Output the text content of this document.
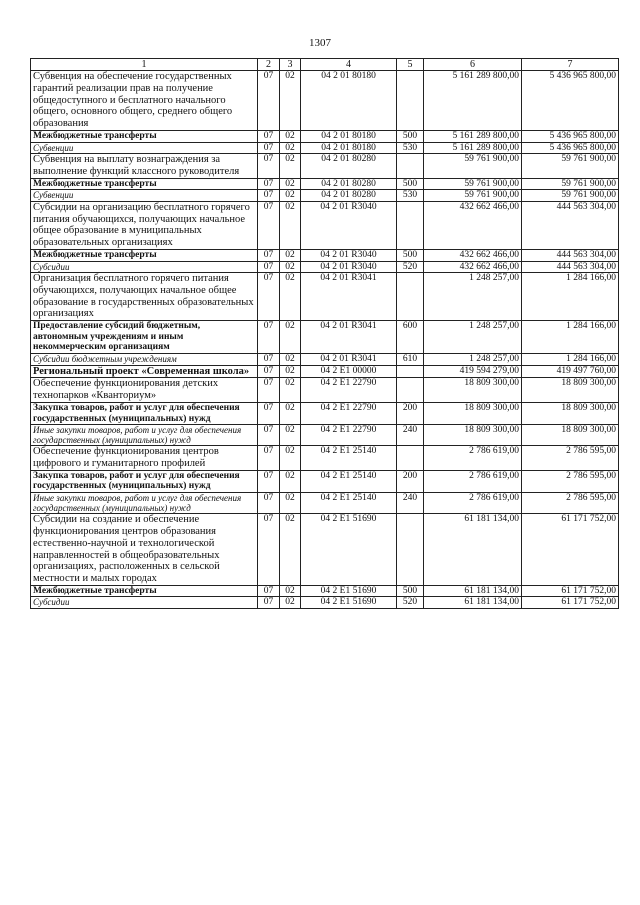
1307
1	2	3	4	5	6	7
Субвенция на обеспечение государственных гарантий реализации прав на получение общедоступного и бесплатного начального общего, основного общего, среднего общего образования	07	02	04 2 01 80180		5 161 289 800,00	5 436 965 800,00
Межбюджетные трансферты	07	02	04 2 01 80180	500	5 161 289 800,00	5 436 965 800,00
Субвенции	07	02	04 2 01 80180	530	5 161 289 800,00	5 436 965 800,00
Субвенция на выплату вознаграждения за выполнение функций классного руководителя	07	02	04 2 01 80280		59 761 900,00	59 761 900,00
Межбюджетные трансферты	07	02	04 2 01 80280	500	59 761 900,00	59 761 900,00
Субвенции	07	02	04 2 01 80280	530	59 761 900,00	59 761 900,00
Субсидии на организацию бесплатного горячего питания обучающихся, получающих начальное общее образование в муниципальных образовательных организациях	07	02	04 2 01 R3040		432 662 466,00	444 563 304,00
Межбюджетные трансферты	07	02	04 2 01 R3040	500	432 662 466,00	444 563 304,00
Субсидии	07	02	04 2 01 R3040	520	432 662 466,00	444 563 304,00
Организация бесплатного горячего питания обучающихся, получающих начальное общее образование в государственных образовательных организациях	07	02	04 2 01 R3041		1 248 257,00	1 284 166,00
Предоставление субсидий бюджетным, автономным учреждениям и иным некоммерческим организациям	07	02	04 2 01 R3041	600	1 248 257,00	1 284 166,00
Субсидии бюджетным учреждениям	07	02	04 2 01 R3041	610	1 248 257,00	1 284 166,00
Региональный проект «Современная школа»	07	02	04 2 E1 00000		419 594 279,00	419 497 760,00
Обеспечение функционирования детских технопарков «Кванториум»	07	02	04 2 E1 22790		18 809 300,00	18 809 300,00
Закупка товаров, работ и услуг для обеспечения государственных (муниципальных) нужд	07	02	04 2 E1 22790	200	18 809 300,00	18 809 300,00
Иные закупки товаров, работ и услуг для обеспечения государственных (муниципальных) нужд	07	02	04 2 E1 22790	240	18 809 300,00	18 809 300,00
Обеспечение функционирования центров цифрового и гуманитарного профилей	07	02	04 2 E1 25140		2 786 619,00	2 786 595,00
Закупка товаров, работ и услуг для обеспечения государственных (муниципальных) нужд	07	02	04 2 E1 25140	200	2 786 619,00	2 786 595,00
Иные закупки товаров, работ и услуг для обеспечения государственных (муниципальных) нужд	07	02	04 2 E1 25140	240	2 786 619,00	2 786 595,00
Субсидии на создание и обеспечение функционирования центров образования естественно-научной и технологической направленностей в общеобразовательных организациях, расположенных в сельской местности и малых городах	07	02	04 2 E1 51690		61 181 134,00	61 171 752,00
Межбюджетные трансферты	07	02	04 2 E1 51690	500	61 181 134,00	61 171 752,00
Субсидии	07	02	04 2 E1 51690	520	61 181 134,00	61 171 752,00
